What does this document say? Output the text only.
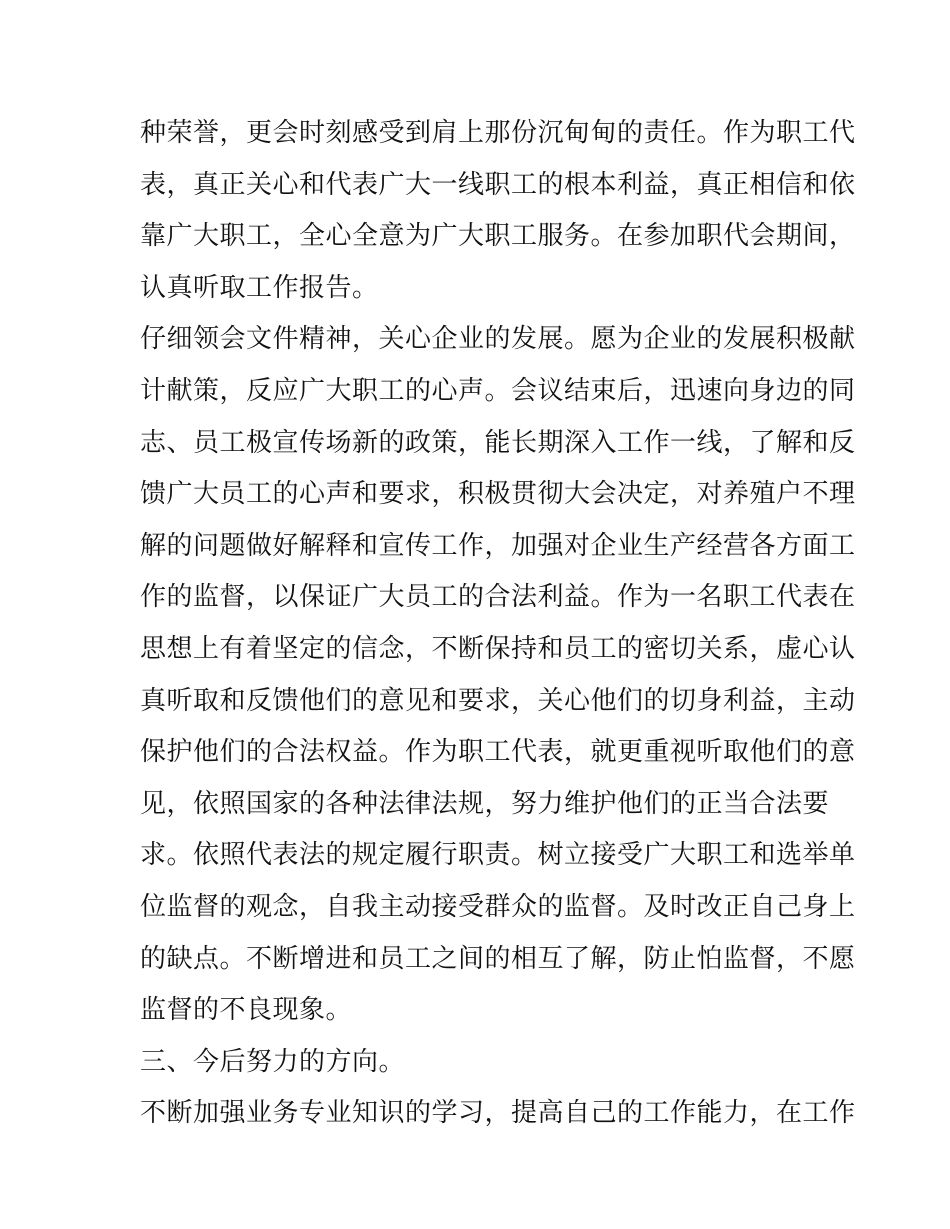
种荣誉，更会时刻感受到肩上那份沉甸甸的责任。作为职工代
表，真正关心和代表广大一线职工的根本利益，真正相信和依
靠广大职工，全心全意为广大职工服务。在参加职代会期间，
认真听取工作报告。
仔细领会文件精神，关心企业的发展。愿为企业的发展积极献
计献策，反应广大职工的心声。会议结束后，迅速向身边的同
志、员工极宣传场新的政策，能长期深入工作一线，了解和反
馈广大员工的心声和要求，积极贯彻大会决定，对养殖户不理
解的问题做好解释和宣传工作，加强对企业生产经营各方面工
作的监督，以保证广大员工的合法利益。作为一名职工代表在
思想上有着坚定的信念，不断保持和员工的密切关系，虚心认
真听取和反馈他们的意见和要求，关心他们的切身利益，主动
保护他们的合法权益。作为职工代表，就更重视听取他们的意
见，依照国家的各种法律法规，努力维护他们的正当合法要
求。依照代表法的规定履行职责。树立接受广大职工和选举单
位监督的观念，自我主动接受群众的监督。及时改正自己身上
的缺点。不断增进和员工之间的相互了解，防止怕监督，不愿
监督的不良现象。
三、今后努力的方向。
不断加强业务专业知识的学习，提高自己的工作能力，在工作
